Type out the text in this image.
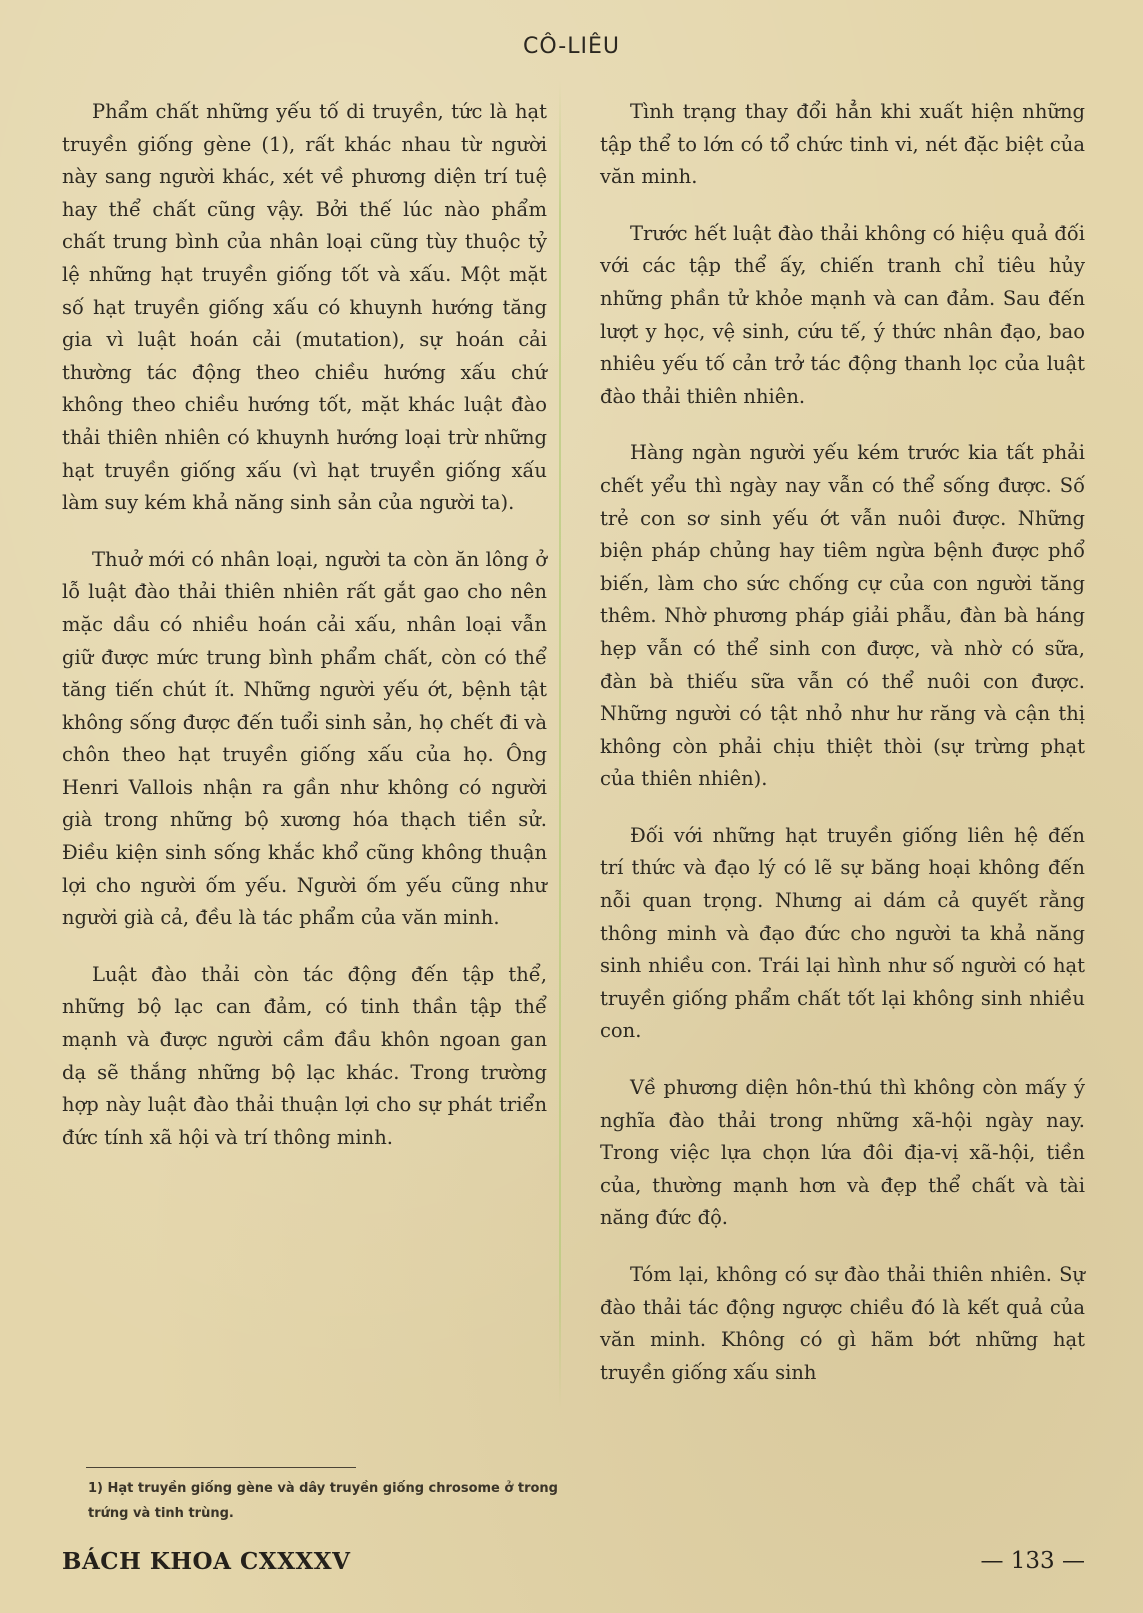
CÔ-LIÊU

Phẩm chất những yếu tố di truyền, tức là hạt truyền giống gène (1), rất khác nhau từ người này sang người khác, xét về phương diện trí tuệ hay thể chất cũng vậy. Bởi thế lúc nào phẩm chất trung bình của nhân loại cũng tùy thuộc tỷ lệ những hạt truyền giống tốt và xấu. Một mặt số hạt truyền giống xấu có khuynh hướng tăng gia vì luật hoán cải (mutation), sự hoán cải thường tác động theo chiều hướng xấu chứ không theo chiều hướng tốt, mặt khác luật đào thải thiên nhiên có khuynh hướng loại trừ những hạt truyền giống xấu (vì hạt truyền giống xấu làm suy kém khả năng sinh sản của người ta).

Thuở mới có nhân loại, người ta còn ăn lông ở lỗ luật đào thải thiên nhiên rất gắt gao cho nên mặc dầu có nhiều hoán cải xấu, nhân loại vẫn giữ được mức trung bình phẩm chất, còn có thể tăng tiến chút ít. Những người yếu ớt, bệnh tật không sống được đến tuổi sinh sản, họ chết đi và chôn theo hạt truyền giống xấu của họ. Ông Henri Vallois nhận ra gần như không có người già trong những bộ xương hóa thạch tiền sử. Điều kiện sinh sống khắc khổ cũng không thuận lợi cho người ốm yếu. Người ốm yếu cũng như người già cả, đều là tác phẩm của văn minh.

Luật đào thải còn tác động đến tập thể, những bộ lạc can đảm, có tinh thần tập thể mạnh và được người cầm đầu khôn ngoan gan dạ sẽ thắng những bộ lạc khác. Trong trường hợp này luật đào thải thuận lợi cho sự phát triển đức tính xã hội và trí thông minh.

Tình trạng thay đổi hẳn khi xuất hiện những tập thể to lớn có tổ chức tinh vi, nét đặc biệt của văn minh.

Trước hết luật đào thải không có hiệu quả đối với các tập thể ấy, chiến tranh chỉ tiêu hủy những phần tử khỏe mạnh và can đảm. Sau đến lượt y học, vệ sinh, cứu tế, ý thức nhân đạo, bao nhiêu yếu tố cản trở tác động thanh lọc của luật đào thải thiên nhiên.

Hàng ngàn người yếu kém trước kia tất phải chết yểu thì ngày nay vẫn có thể sống được. Số trẻ con sơ sinh yếu ớt vẫn nuôi được. Những biện pháp chủng hay tiêm ngừa bệnh được phổ biến, làm cho sức chống cự của con người tăng thêm. Nhờ phương pháp giải phẫu, đàn bà háng hẹp vẫn có thể sinh con được, và nhờ có sữa, đàn bà thiếu sữa vẫn có thể nuôi con được. Những người có tật nhỏ như hư răng và cận thị không còn phải chịu thiệt thòi (sự trừng phạt của thiên nhiên).

Đối với những hạt truyền giống liên hệ đến trí thức và đạo lý có lẽ sự băng hoại không đến nỗi quan trọng. Nhưng ai dám cả quyết rằng thông minh và đạo đức cho người ta khả năng sinh nhiều con. Trái lại hình như số người có hạt truyền giống phẩm chất tốt lại không sinh nhiều con.

Về phương diện hôn-thú thì không còn mấy ý nghĩa đào thải trong những xã-hội ngày nay. Trong việc lựa chọn lứa đôi địa-vị xã-hội, tiền của, thường mạnh hơn và đẹp thể chất và tài năng đức độ.

Tóm lại, không có sự đào thải thiên nhiên. Sự đào thải tác động ngược chiều đó là kết quả của văn minh. Không có gì hãm bớt những hạt truyền giống xấu sinh

1) Hạt truyền giống gène và dây truyền giống chrosome ở trong trứng và tinh trùng.
BÁCH KHOA CXXXXV	— 133 —
